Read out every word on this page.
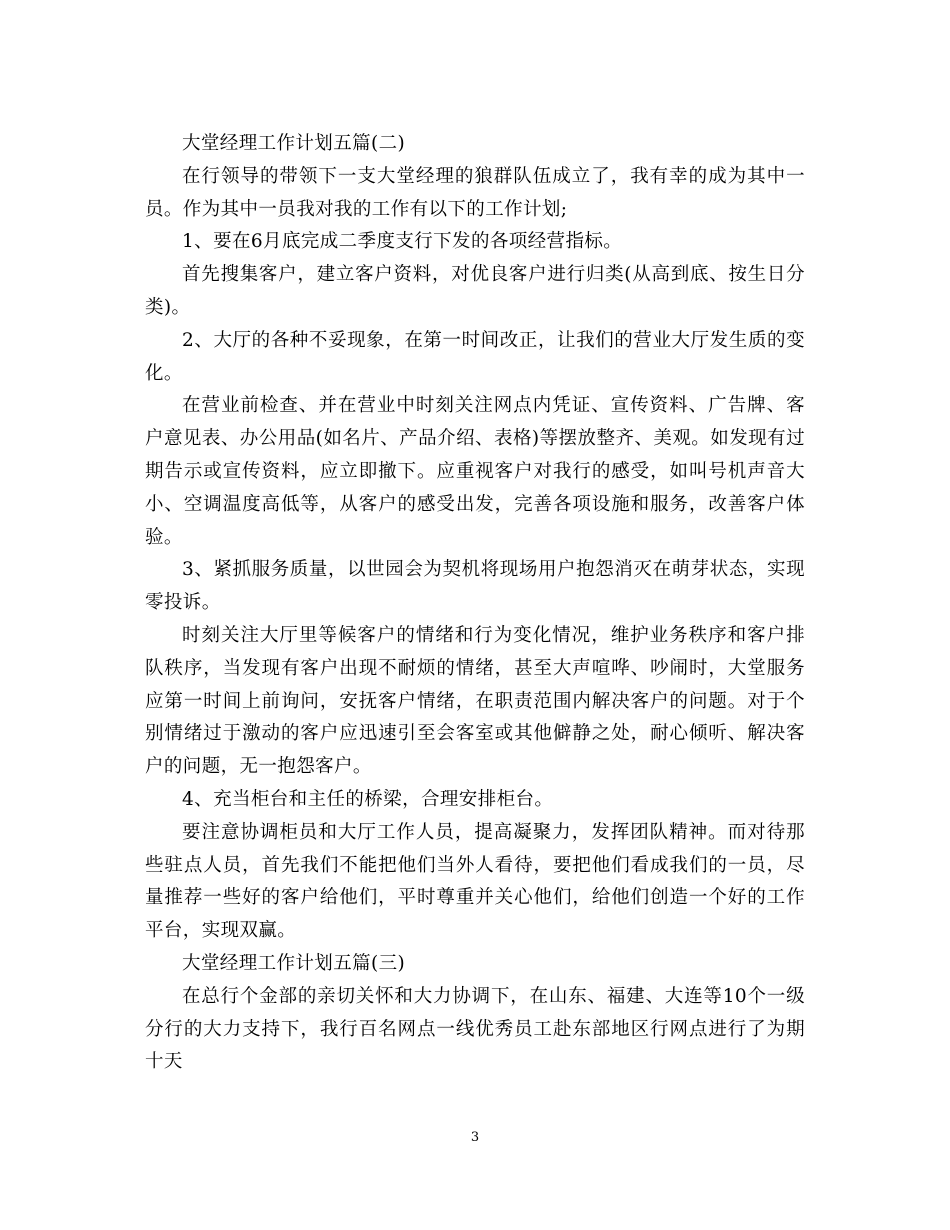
大堂经理工作计划五篇(二)

在行领导的带领下一支大堂经理的狼群队伍成立了，我有幸的成为其中一员。作为其中一员我对我的工作有以下的工作计划;

1、要在6月底完成二季度支行下发的各项经营指标。

首先搜集客户，建立客户资料，对优良客户进行归类(从高到底、按生日分类)。

2、大厅的各种不妥现象，在第一时间改正，让我们的营业大厅发生质的变化。

在营业前检查、并在营业中时刻关注网点内凭证、宣传资料、广告牌、客户意见表、办公用品(如名片、产品介绍、表格)等摆放整齐、美观。如发现有过期告示或宣传资料，应立即撤下。应重视客户对我行的感受，如叫号机声音大小、空调温度高低等，从客户的感受出发，完善各项设施和服务，改善客户体验。

3、紧抓服务质量，以世园会为契机将现场用户抱怨消灭在萌芽状态，实现零投诉。

时刻关注大厅里等候客户的情绪和行为变化情况，维护业务秩序和客户排队秩序，当发现有客户出现不耐烦的情绪，甚至大声喧哗、吵闹时，大堂服务应第一时间上前询问，安抚客户情绪，在职责范围内解决客户的问题。对于个别情绪过于激动的客户应迅速引至会客室或其他僻静之处，耐心倾听、解决客户的问题，无一抱怨客户。

4、充当柜台和主任的桥梁，合理安排柜台。

要注意协调柜员和大厅工作人员，提高凝聚力，发挥团队精神。而对待那些驻点人员，首先我们不能把他们当外人看待，要把他们看成我们的一员，尽量推荐一些好的客户给他们，平时尊重并关心他们，给他们创造一个好的工作平台，实现双赢。

大堂经理工作计划五篇(三)

在总行个金部的亲切关怀和大力协调下，在山东、福建、大连等10个一级分行的大力支持下，我行百名网点一线优秀员工赴东部地区行网点进行了为期十天

3
